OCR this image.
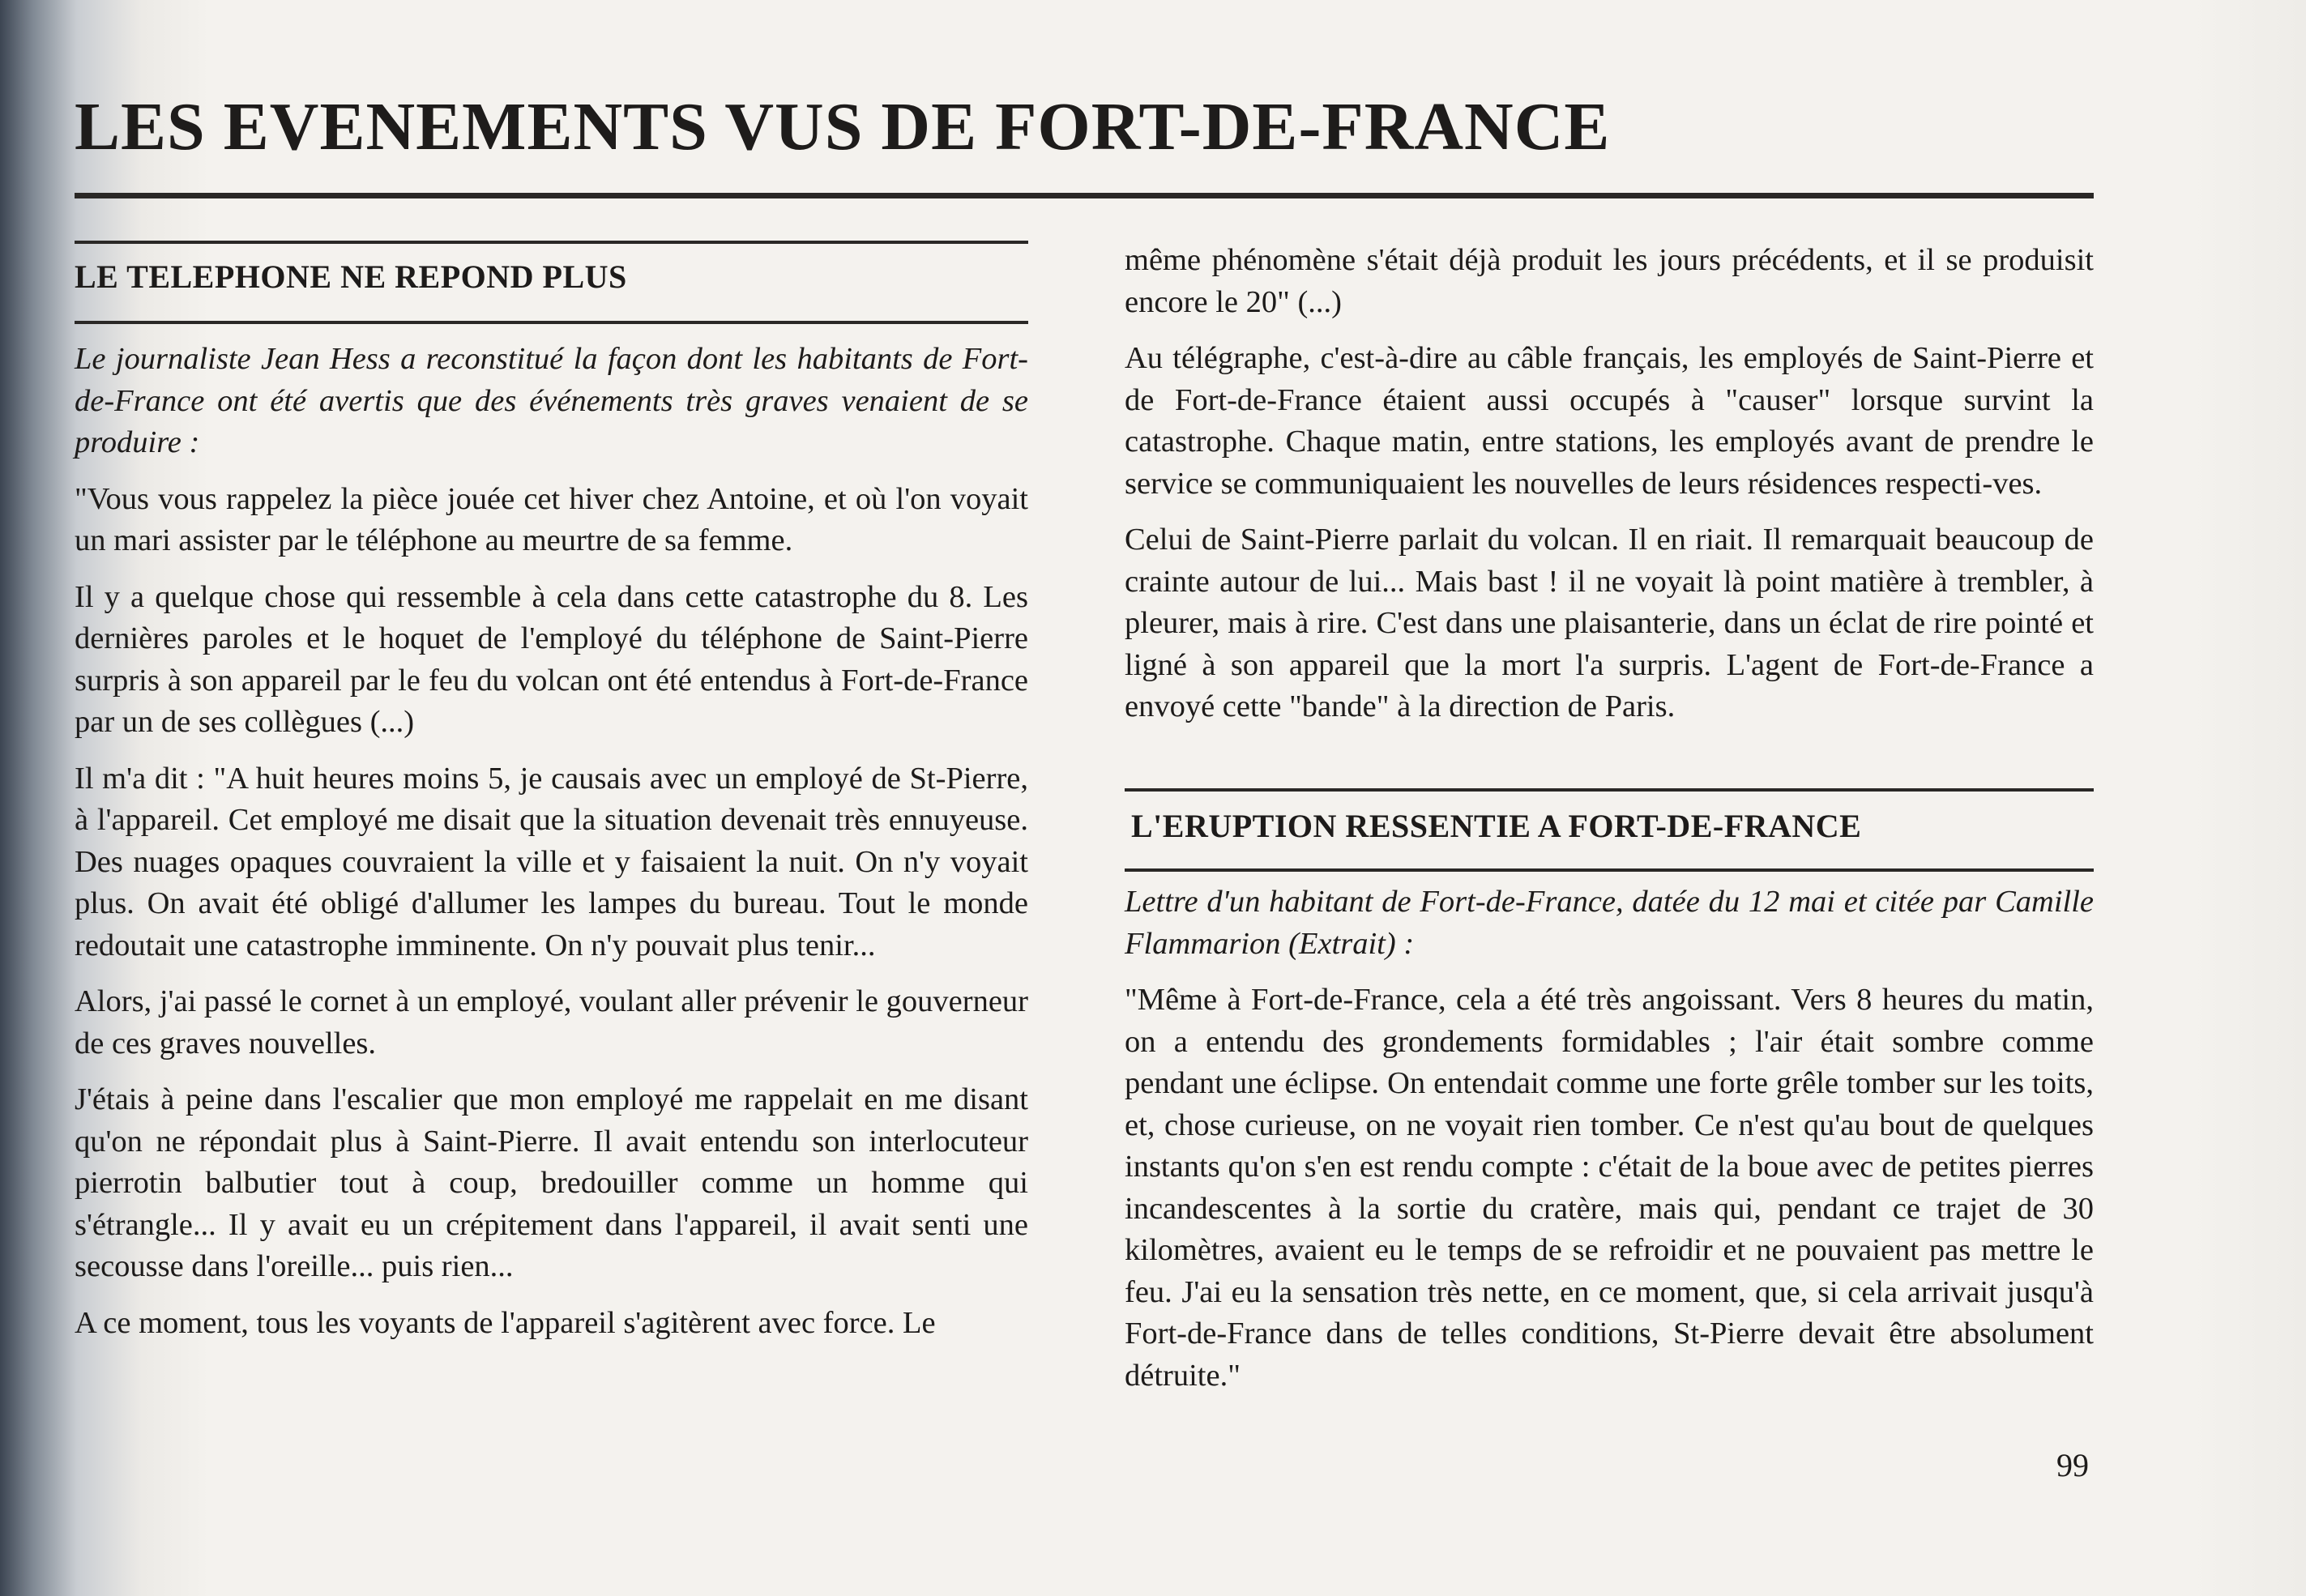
LES EVENEMENTS VUS DE FORT-DE-FRANCE
LE TELEPHONE NE REPOND PLUS

Le journaliste Jean Hess a reconstitué la façon dont les habitants de Fort-de-France ont été avertis que des événements très graves venaient de se produire :

"Vous vous rappelez la pièce jouée cet hiver chez Antoine, et où l'on voyait un mari assister par le téléphone au meurtre de sa femme.

Il y a quelque chose qui ressemble à cela dans cette catastrophe du 8. Les dernières paroles et le hoquet de l'employé du téléphone de Saint-Pierre surpris à son appareil par le feu du volcan ont été entendus à Fort-de-France par un de ses collègues (...)

Il m'a dit : "A huit heures moins 5, je causais avec un employé de St-Pierre, à l'appareil. Cet employé me disait que la situation devenait très ennuyeuse. Des nuages opaques couvraient la ville et y faisaient la nuit. On n'y voyait plus. On avait été obligé d'allumer les lampes du bureau. Tout le monde redoutait une catastrophe imminente. On n'y pouvait plus tenir...

Alors, j'ai passé le cornet à un employé, voulant aller prévenir le gouverneur de ces graves nouvelles.

J'étais à peine dans l'escalier que mon employé me rappelait en me disant qu'on ne répondait plus à Saint-Pierre. Il avait entendu son interlocuteur pierrotin balbutier tout à coup, bredouiller comme un homme qui s'étrangle... Il y avait eu un crépitement dans l'appareil, il avait senti une secousse dans l'oreille... puis rien...

A ce moment, tous les voyants de l'appareil s'agitèrent avec force. Le

même phénomène s'était déjà produit les jours précédents, et il se produisit encore le 20" (...)

Au télégraphe, c'est-à-dire au câble français, les employés de Saint-Pierre et de Fort-de-France étaient aussi occupés à "causer" lorsque survint la catastrophe. Chaque matin, entre stations, les employés avant de prendre le service se communiquaient les nouvelles de leurs résidences respecti-ves.

Celui de Saint-Pierre parlait du volcan. Il en riait. Il remarquait beaucoup de crainte autour de lui... Mais bast ! il ne voyait là point matière à trembler, à pleurer, mais à rire. C'est dans une plaisanterie, dans un éclat de rire pointé et ligné à son appareil que la mort l'a surpris. L'agent de Fort-de-France a envoyé cette "bande" à la direction de Paris.

L'ERUPTION RESSENTIE A FORT-DE-FRANCE

Lettre d'un habitant de Fort-de-France, datée du 12 mai et citée par Camille Flammarion (Extrait) :

"Même à Fort-de-France, cela a été très angoissant. Vers 8 heures du matin, on a entendu des grondements formidables ; l'air était sombre comme pendant une éclipse. On entendait comme une forte grêle tomber sur les toits, et, chose curieuse, on ne voyait rien tomber. Ce n'est qu'au bout de quelques instants qu'on s'en est rendu compte : c'était de la boue avec de petites pierres incandescentes à la sortie du cratère, mais qui, pendant ce trajet de 30 kilomètres, avaient eu le temps de se refroidir et ne pouvaient pas mettre le feu. J'ai eu la sensation très nette, en ce moment, que, si cela arrivait jusqu'à Fort-de-France dans de telles conditions, St-Pierre devait être absolument détruite."

99
